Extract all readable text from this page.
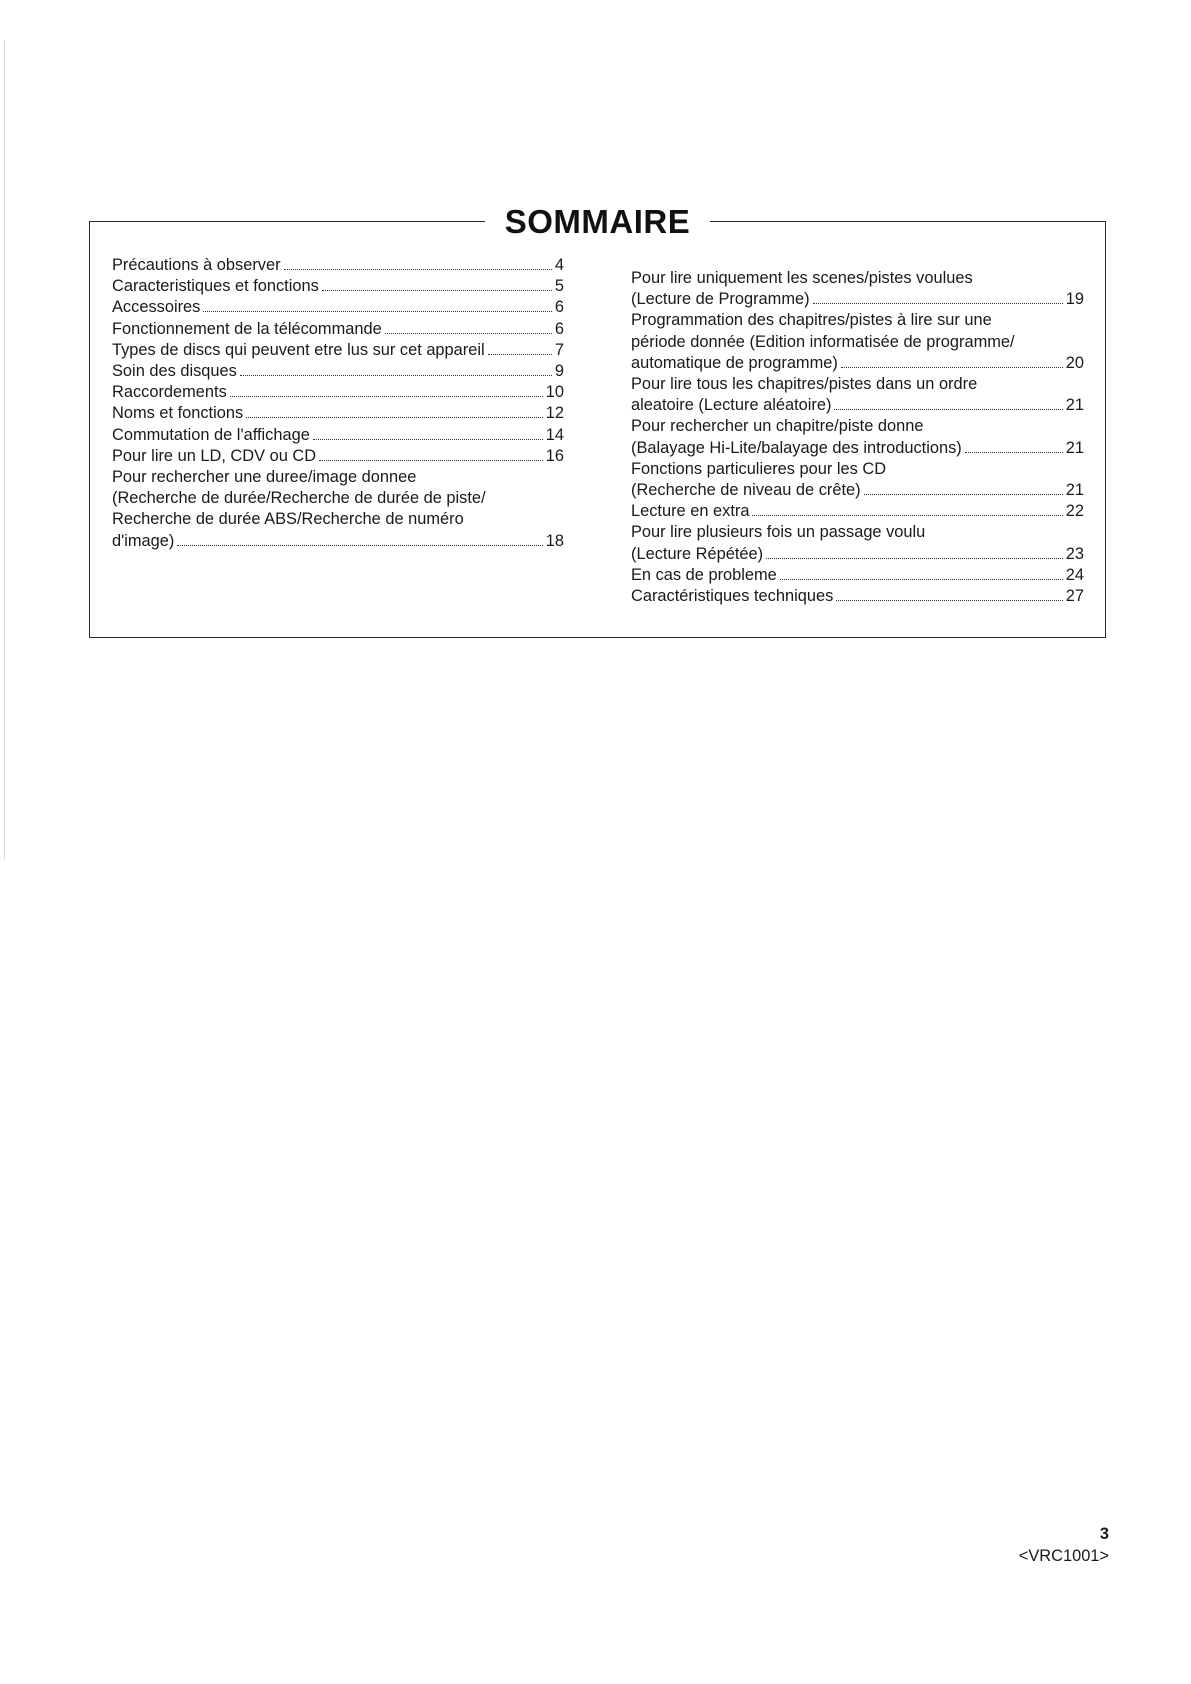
SOMMAIRE
Précautions à observer	4
Caracteristiques et fonctions	5
Accessoires	6
Fonctionnement de la télécommande	6
Types de discs qui peuvent etre lus sur cet appareil	7
Soin des disques	9
Raccordements	10
Noms et fonctions	12
Commutation de l'affichage	14
Pour lire un LD, CDV ou CD	16
Pour rechercher une duree/image donnee
(Recherche de durée/Recherche de durée de piste/
Recherche de durée ABS/Recherche de numéro
d'image)	18
Pour lire uniquement les scenes/pistes voulues
(Lecture de Programme)	19
Programmation des chapitres/pistes à lire sur une
période donnée (Edition informatisée de programme/
automatique de programme)	20
Pour lire tous les chapitres/pistes dans un ordre
aleatoire (Lecture aléatoire)	21
Pour rechercher un chapitre/piste donne
(Balayage Hi-Lite/balayage des introductions)	21
Fonctions particulieres pour les CD
(Recherche de niveau de crête)	21
Lecture en extra	22
Pour lire plusieurs fois un passage voulu
(Lecture Répétée)	23
En cas de probleme	24
Caractéristiques techniques	27
3
<VRC1001>
